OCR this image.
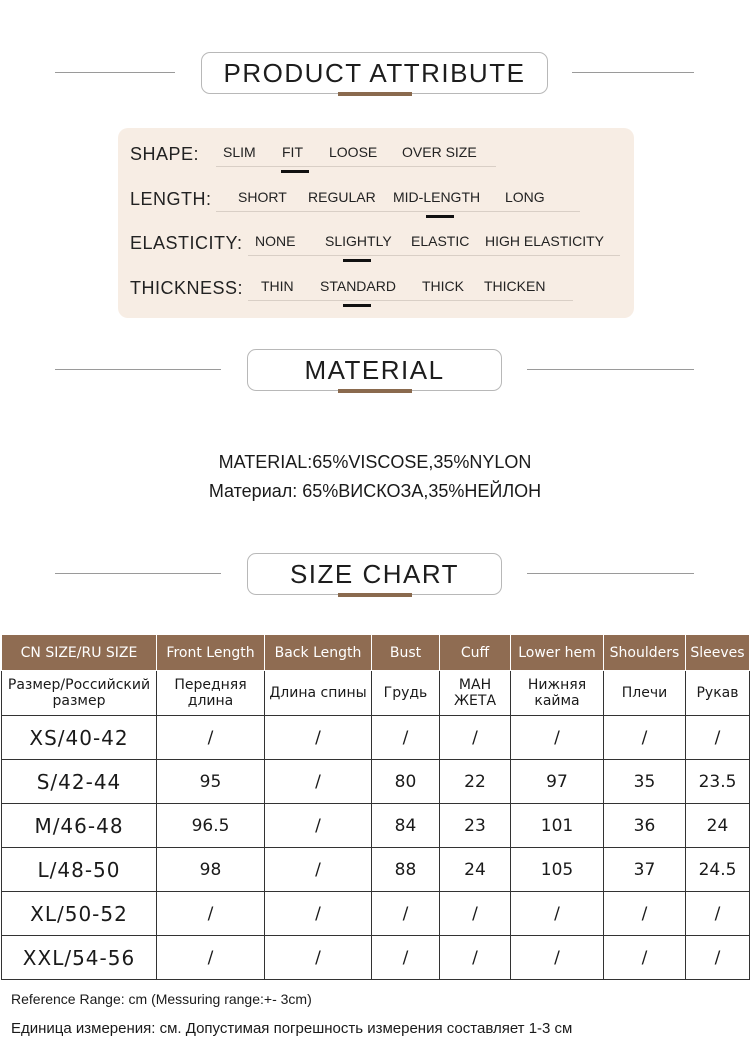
PRODUCT ATTRIBUTE
SHAPE: SLIM FIT LOOSE OVER SIZE
LENGTH: SHORT REGULAR MID-LENGTH LONG
ELASTICITY: NONE SLIGHTLY ELASTIC HIGH ELASTICITY
THICKNESS: THIN STANDARD THICK THICKEN
MATERIAL
MATERIAL:65%VISCOSE,35%NYLON
Материал: 65%ВИСКОЗА,35%НЕЙЛОН
SIZE CHART
CN SIZE/RU SIZE	Front Length	Back Length	Bust	Cuff	Lower hem	Shoulders	Sleeves
Размер/Российский размер	Передняя длина	Длина спины	Грудь	МАН ЖЕТА	Нижняя кайма	Плечи	Рукав
XS/40-42	/	/	/	/	/	/	/
S/42-44	95	/	80	22	97	35	23.5
M/46-48	96.5	/	84	23	101	36	24
L/48-50	98	/	88	24	105	37	24.5
XL/50-52	/	/	/	/	/	/	/
XXL/54-56	/	/	/	/	/	/	/
Reference Range: cm (Messuring range:+- 3cm)
Единица измерения: см. Допустимая погрешность измерения составляет 1-3 см
